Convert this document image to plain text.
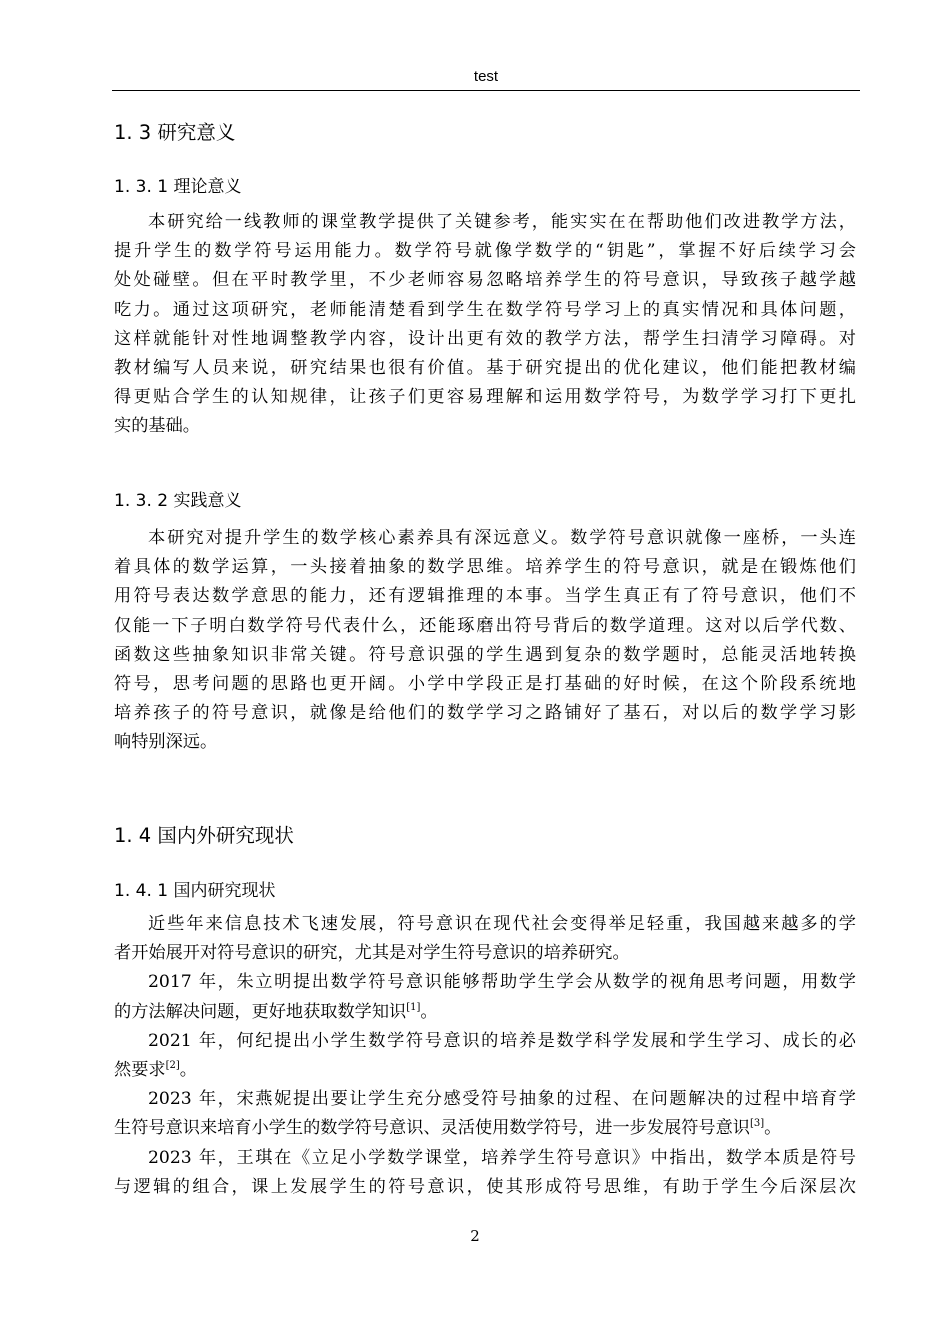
test
1. 3 研究意义
1. 3. 1 理论意义
本研究给一线教师的课堂教学提供了关键参考，能实实在在帮助他们改进教学方法，
提升学生的数学符号运用能力。数学符号就像学数学的“钥匙”，掌握不好后续学习会
处处碰壁。但在平时教学里，不少老师容易忽略培养学生的符号意识，导致孩子越学越
吃力。通过这项研究，老师能清楚看到学生在数学符号学习上的真实情况和具体问题，
这样就能针对性地调整教学内容，设计出更有效的教学方法，帮学生扫清学习障碍。对
教材编写人员来说，研究结果也很有价值。基于研究提出的优化建议，他们能把教材编
得更贴合学生的认知规律，让孩子们更容易理解和运用数学符号，为数学学习打下更扎
实的基础。
1. 3. 2 实践意义
本研究对提升学生的数学核心素养具有深远意义。数学符号意识就像一座桥，一头连
着具体的数学运算，一头接着抽象的数学思维。培养学生的符号意识，就是在锻炼他们
用符号表达数学意思的能力，还有逻辑推理的本事。当学生真正有了符号意识，他们不
仅能一下子明白数学符号代表什么，还能琢磨出符号背后的数学道理。这对以后学代数、
函数这些抽象知识非常关键。符号意识强的学生遇到复杂的数学题时，总能灵活地转换
符号，思考问题的思路也更开阔。小学中学段正是打基础的好时候，在这个阶段系统地
培养孩子的符号意识，就像是给他们的数学学习之路铺好了基石，对以后的数学学习影
响特别深远。
1. 4 国内外研究现状
1. 4. 1 国内研究现状
近些年来信息技术飞速发展，符号意识在现代社会变得举足轻重，我国越来越多的学
者开始展开对符号意识的研究，尤其是对学生符号意识的培养研究。
2017 年，朱立明提出数学符号意识能够帮助学生学会从数学的视角思考问题，用数学
的方法解决问题，更好地获取数学知识[1]。
2021 年，何纪提出小学生数学符号意识的培养是数学科学发展和学生学习、成长的必
然要求[2]。
2023 年，宋燕妮提出要让学生充分感受符号抽象的过程、在问题解决的过程中培育学
生符号意识来培育小学生的数学符号意识、灵活使用数学符号，进一步发展符号意识[3]。
2023 年，王琪在《立足小学数学课堂，培养学生符号意识》中指出，数学本质是符号
与逻辑的组合，课上发展学生的符号意识，使其形成符号思维，有助于学生今后深层次
2
